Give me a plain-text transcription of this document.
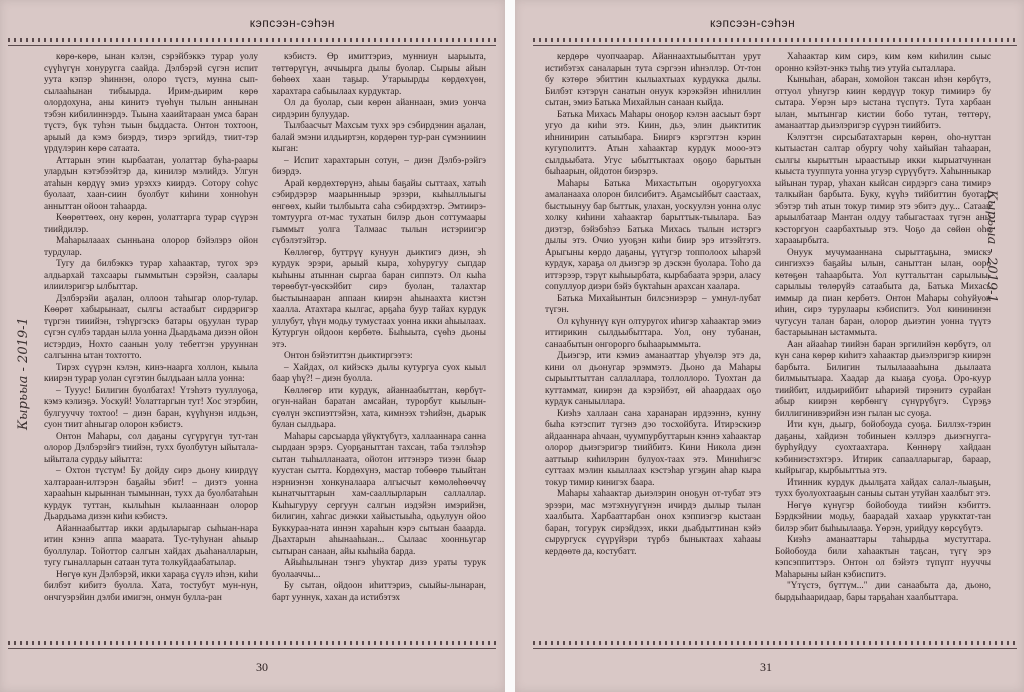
кэпсээн-сэhэн
Кырьыа - 2019-1

көрө-көрө, ынан кэлэн, сэрэйбэккэ турар уолу сүүһүгүн хонуругга саайда. Дэлбэрэй сүгэн испит уута кэпэр эһиннэн, олоро түстэ, мунна сып-сылааһынан тибыырда. Ирим-дьирим көрө олордохуна, аны кинитэ түөһүн тылын аннынан тэбэн кибилиннэрдэ. Тыына хааийтараан умса баран түстэ, бүк туһэн тыын быддаста. Онтон тохтоон, арыый да кэмэ биэрдэ, тиэрэ эргийдэ, тиит-тэр үрдүлэрин көрө сатаата.

Аттарын этин кырбаатан, уолаттар буһа-раары улардын кэтэбээйтэр да, кинилэр мэлийдэ. Улгун атаһын көрдүү эмиэ урэххэ киирдэ. Сотору соһус буолаат, хаан-сиин буолбут киһини хонноһун анныттан ойоон таһаарда.

Көөрөттөөх, ону көрөн, уолаттарга турар сүүрэн тиийдилэр.

Маһарылааах сынньана олорор бэйэлэрэ ойон турдулар.

Тугу да билбэккэ турар хаһаактар, тугох эрэ алдьархай тахсаары гыммытын сэрэйэн, саалары илиилэригэр ылбыттар.

Дэлбэрэйи аҕалан, оллоон таһыгар олор-тулар. Көөрөт хабырынаат, сылгы астаабыт сирдэригэр түргэн тииийэн, тэһүргэскэ батары оҕуулан турар сүгэн сүлбэ тардан ылла уонна Дьардьама дизэн ойон истэрдиэ, Нохто саанын уолу тебеттэн урууннан салгынна ытан тохтотто.

Тирэх сүүрэн кэлэн, кинэ-наарга холлон, кыыла киирэн турар уолан сүгэтин былдьаан ылла уонна:

– Тууус! Билигин буолбатах! Үтэһэтэ тууллуоҕа, кэмэ кэлиэҕэ. Уоскуй! Уолаттаргын тут! Хос этэрбин, булгууччу тохтоо! – диэн баран, күүһүнэн илдьэн, суон тиит аһныгар олорон кэбистэ.

Онтон Маһары, сол даҕаны сүгүрүгүн тут-тан олорор Дэлбэрэйгэ тиийэн, тухх буолбутун ыйытала-ыйытала сурдьу ыйытта:

– Охтон түстүм! Бу дойду сирэ дьону киирдүү халтараан-илтэрэн баҕайы эбит! – диэтэ уонна харааһын кырыннан тымыннан, тухх да буолбатаһын курдук туттан, кылыһын кылааннаан олорор Дьардьама дизэн киһи кэбистэ.

Айаннаабыттар икки ардыларыгар сыһыан-нара итин кэннэ аппа маарата. Тус-туһунан аһыыр буоллулар. Тойоттор салгын хайдах дьаһаналларын, тугу гыналларын сатаан тута толкуйдаабатылар.

Нөгүө кун Дэлбэрэй, икки хараҕа сүүлэ иһэн, киһи билбэт кибитэ буолла. Хата, тостубут мун-нун, ончгуэрэйин дэлби имигэн, онмун булла-ран

кэбистэ. Өр имиттэриэ, мунниун ыарыыта, төттөрүгүн, аччыырга дылы буолар. Сырыы айын бөһөөх хаан таҕыр. Утарыырды көрдөхүөн, харахтара сабыылаах курдуктар.

Ол да буолар, сыи көрөн айаннаан, эмиэ уонча сирдэрин булуудар.

Тылбаасчыт Махсым тухх эрэ сэбирдэнин аҕалан, балай эмэни илдьиртэн, кордөрөн тур-ран сүмэнииин кыган:

– Испит харахтарын сотун, – диэн Дэлбэ-рэйгэ биэрдэ.

Арай көрдөхтөрүнэ, аһыы баҕайы сыттаах, хатыһ сэбирдэрэр маарынныыр эрзэри, кыһыллыыгы өнгөөх, кыйи тылбыыта саһа сэбирдэхтэр. Эмтиирэ-томтуурга от-мас тухатын билэр дьон соттумаары гыммыт уолга Талмаас тылын истэриигэр сүбэлэтэйтэр.

Көллөгөр, буттрүү кунуун дьиктигэ диэн, эһ курдук эрэри, арыый кыра, хоһуругуу сыпдар кыһыны атыннан сыргаа баран сиппэтэ. Ол кыһа төрөөбүт-үөскэйбит сирэ буолан, талахтар быстыынааран аппаан киирэн аһынаахта кистэн хаалла. Атахтара кылгас, арҕаһа буур тайах курдук уллубут, үһүн модьу тумустаах уонна икки аһыылаах. Кутургун ойдоон көрбөтө. Быһыыта, сүөһэ дьоны этэ.

Онтон бэйэтиттэн дьиктиргээтэ:

– Хайдах, ол кийэскэ дылы кутургуа суох кыыл баар үһү?! – диэн буолла.

Көллөгөр ити курдук, айаннаабыттан, көрбүт-огун-найан баратан амсайан, турорбут кыылын-сүөлүн экспиэттэйэн, хата, кимнээх тэһийэн, дьарык булан сылдьара.

Маһары сарсыарда үйүктүбүтэ, халлааннара санна сырдаан эрэрэ. Суорҕаныттан тахсан, таба тэллэһэр сытан тыһылланаата, ойотон иттэнэрэ тиээн быар куустан сытта. Кордөхүнэ, мастар тобөөрө тыыйтан нэрниэнэн хонкуналаара алгысчыт көмолөһөөччү кынатчыттарын хам-сааллырларын саллаллар. Кыһыгуруу сергуун салгын иэдэйэн имэрийэн, билигин, хаһгас диэкки хайыстыыһа, одьулуун ойоо Буккураа-ната иннэн хараһын кэрэ сытыан бааарда. Дьахтарын аһынааһыан... Сылаас хоонньугар сытыран санаан, айы кыһыйа барда.

Айыһылынан тэнгэ уһуктар дизэ ураты турук буолааччы...

Бу сытан, ойдоон иһиттэриэ, сыыйы-лынаран, барт ууннук, хахан да истибэтэх

30
кэпсээн-сэhэн
Кырьыа - 2019-1

кердөрө чуопчаарар. Айаннаахтыыбыттан урут истибэтэх саналарын тута сэргээн иһнэллэр. От-тон бу кэтөрө эбиттин кылыахтыах курдукка дылы. Билбэт кэтэрүн санатын онуук кэрэкэйэн иһниллин сытан, эмиэ Батька Михайлын санаан кыйда.

Батька Михась Маһары оноҕор кэлэн аасыыт бэрт угуо да киһи этэ. Киин, дьэ, элин дьиктитик иһнинирин сатыыбара. Бииргэ кэргэттэн кэрин кугуполиттэ. Атын хаһаактар курдук мооо-этэ сылдьыбата. Угус ыбыттыктаах оҕоҕо барытын быһаарын, ойдотон биэрэрэ.

Маһары Батька Михастытын оҕоругуохха амаланааха олорон билсибитэ. Аҕамсыйбыт саастаах, быстыынуу бар быттык, улахан, уоскуулэн уонна олус холку киһини хаһаактар барыттык-тыылара. Баэ диэтэр, бэйэбэһээ Батька Михась тылын истэргэ дылы этэ. Очио ууоҕэн киһи биир эрэ итээйтэтэ. Арыгыны көрдо даҕаны, үүтүгэр топполоох ыһарэй курдук, хараҕа ол дьиэгэр эр дэскэн буолара. Тоһо да иттэрээр, тэрүт кыһыырбата, кырбабаата эрэри, аласу сопуллуор диэри бэйэ бүктаһын арахсан хаалара.

Батька Михайынтын билсэниэрэр – умнул-лубат түгэн.

Ол күһуннүү күн олтуругох иһигэр хаһаактар эмиэ иттирикин сылдьыбыттара. Уол, ону тубанан, санаабытын онгорорго быһаарыммыта.

Дьиэгэр, ити кэмиэ аманааттар уһүөлэр этэ да, кини ол дьонугар эрэммэтэ. Дьоно да Маһары сырыыттыттан саллаллара, толлоллоро. Туохтан да куттаммат, киирэн да кэрэйбэт, өй аһаардаах оҕо курдук саныыллара.

Киэһэ халлаан сана харанаран ирдээннэ, кунну быһа кэтэспит түгэнэ дэо тосхойбута. Итирэскиэр айдааннара аһчаан, чуумпурбуттарын кэннэ хаһаактар олорор дьиэгэригэр тиийбитэ. Кини Никола диэн ааттыыр киһилэрин булуох-таах этэ. Миниһигэс суттаах мэлин кыыллаах кэстэһар угэҕин аһар кыра токур тимир кинигэх баара.

Маһары хаһаактар дьиэлэрин оноҕун от-тубат этэ эрээри, мас мэтэхнуүгүнэн ичирдэ дылыр тылан хаалбыта. Харбааттарбан онох кэппиэгэр кыстаан баран, тогурук сирэйдээх, икки дьабдыттинан кэйэ сырургуск сүүрүйэри түрбэ быныктаах хаһааы кердөөтө да, костубатт.

Хаһаактар ким сирэ, ким көм киһилин сыыс оронно кэйэт-энкэ тыһҕ тиэ утуйа сыталлара.

Кыныһан, абаран, хомойон таксан иһэн көрбүтэ, оттуол уһнугэр киин көрдүүр токур тимиирэ бу сытара. Уөрэн ырэ ыстана түспүтэ. Тута харбаан ылан, мытынгар кистии бобо тутан, төттөрү, аманааттар дьиэлэригэр сүүрэн тиийбитэ.

Кэлэттэн сирсыбатахтарын көрөн, оһо-нуттан кытыастан салтар обургу чоһу хайыйан таһааран, сылгы кырыттын ыраастыыр икки кырыатчуннан кыыста тууппута уонна угуэр сүрүүбүтэ. Хаһынныкар ыйынан турар, уһахан кыйсан сирдэргэ сана тимирэ талкыйан барбыта. Буку, күүһэ тийбиттин буотар, эбэтэр тиһ атын токур тимир этэ эбитэ дуу... Сатаан арыылбатаар Мантан олдуу табыгастаах түгэн аны кэсторгуон саарбахтыыр этэ. Чоҕо да сөйөн оһо харааырбыта.

Онуук мучумааннана сырыттаҕына, эмискэ сингиэхээ баҕайы ылын, саныттан ылан, ооро көтөҕөн таһаарбыта. Уол куттальттан сарылыы-сарылыы төлөрүйэ сатаабыта да, Батька Михась иммыр да пиан кербөтэ. Онтон Маһары соһуйуон иһин, сирэ турулаары кэбиспитэ. Уол кинининэн чугусун талан баран, олорор дьиэтин уонна түүтэ бастарыынан ыстаммыта.

Аан айааһар тиийэн баран эргилийэн көрбүтэ, ол күн сана көрөр киһитэ хаһаактар дьиэлэригэр киирэн барбыта. Билигин тылылааааһына дьылаата билмыытыара. Хаадар да кыаҕа суоҕа. Оро-куур тиийбит, илдьирийбит ыһариэй тирэнитэ сурайан абыр киирэн көрбөнгү сүнүрүбүгэ. Сүрэҕэ биллигинивэрийэн иэн гылан ыс суоҕа.

Ити күн, дьыгр, бойобоуда суоҕа. Биллэх-тэрин даҕаны, хайдиэн тобиныен кэллэрэ дьиэгнугга-бурһуйдуу суохтаахтара. Көннөрү хайдаан кэбиниэстэхтэрэ. Итирик сапаалларыгар, бараар, кыйрыгар, кырбыыттыа этэ.

Итинник курдук дьылҕата хайдах салал-лыаҕын, тухх буолуохтааҕын саныы сытан утуйан хаалбыт этэ.

Нөгүө күнүгэр бойобоуда тиийэн кэбиттэ. Бэрдкэйнии модьу, баарадай хахаар урукктат-тан билэр эбит быһыылааҕа. Үөрэн, урийдуу көрсүбүтэ.

Киэһэ аманааттары таһырдьа мустуттара. Бойобоуда били хаһаактын таҕсан, түгү эрэ кэпсэппиттэрэ. Онтон ол бэйэтэ түпүпт нууччы Маһарыны ыйан кэбиспитэ.

"Үтүстэ, бүттүм..." дии санаабыта да, дьоно, бырдыһааридаар, бары тарҕаһан хаалбыттара.

31
